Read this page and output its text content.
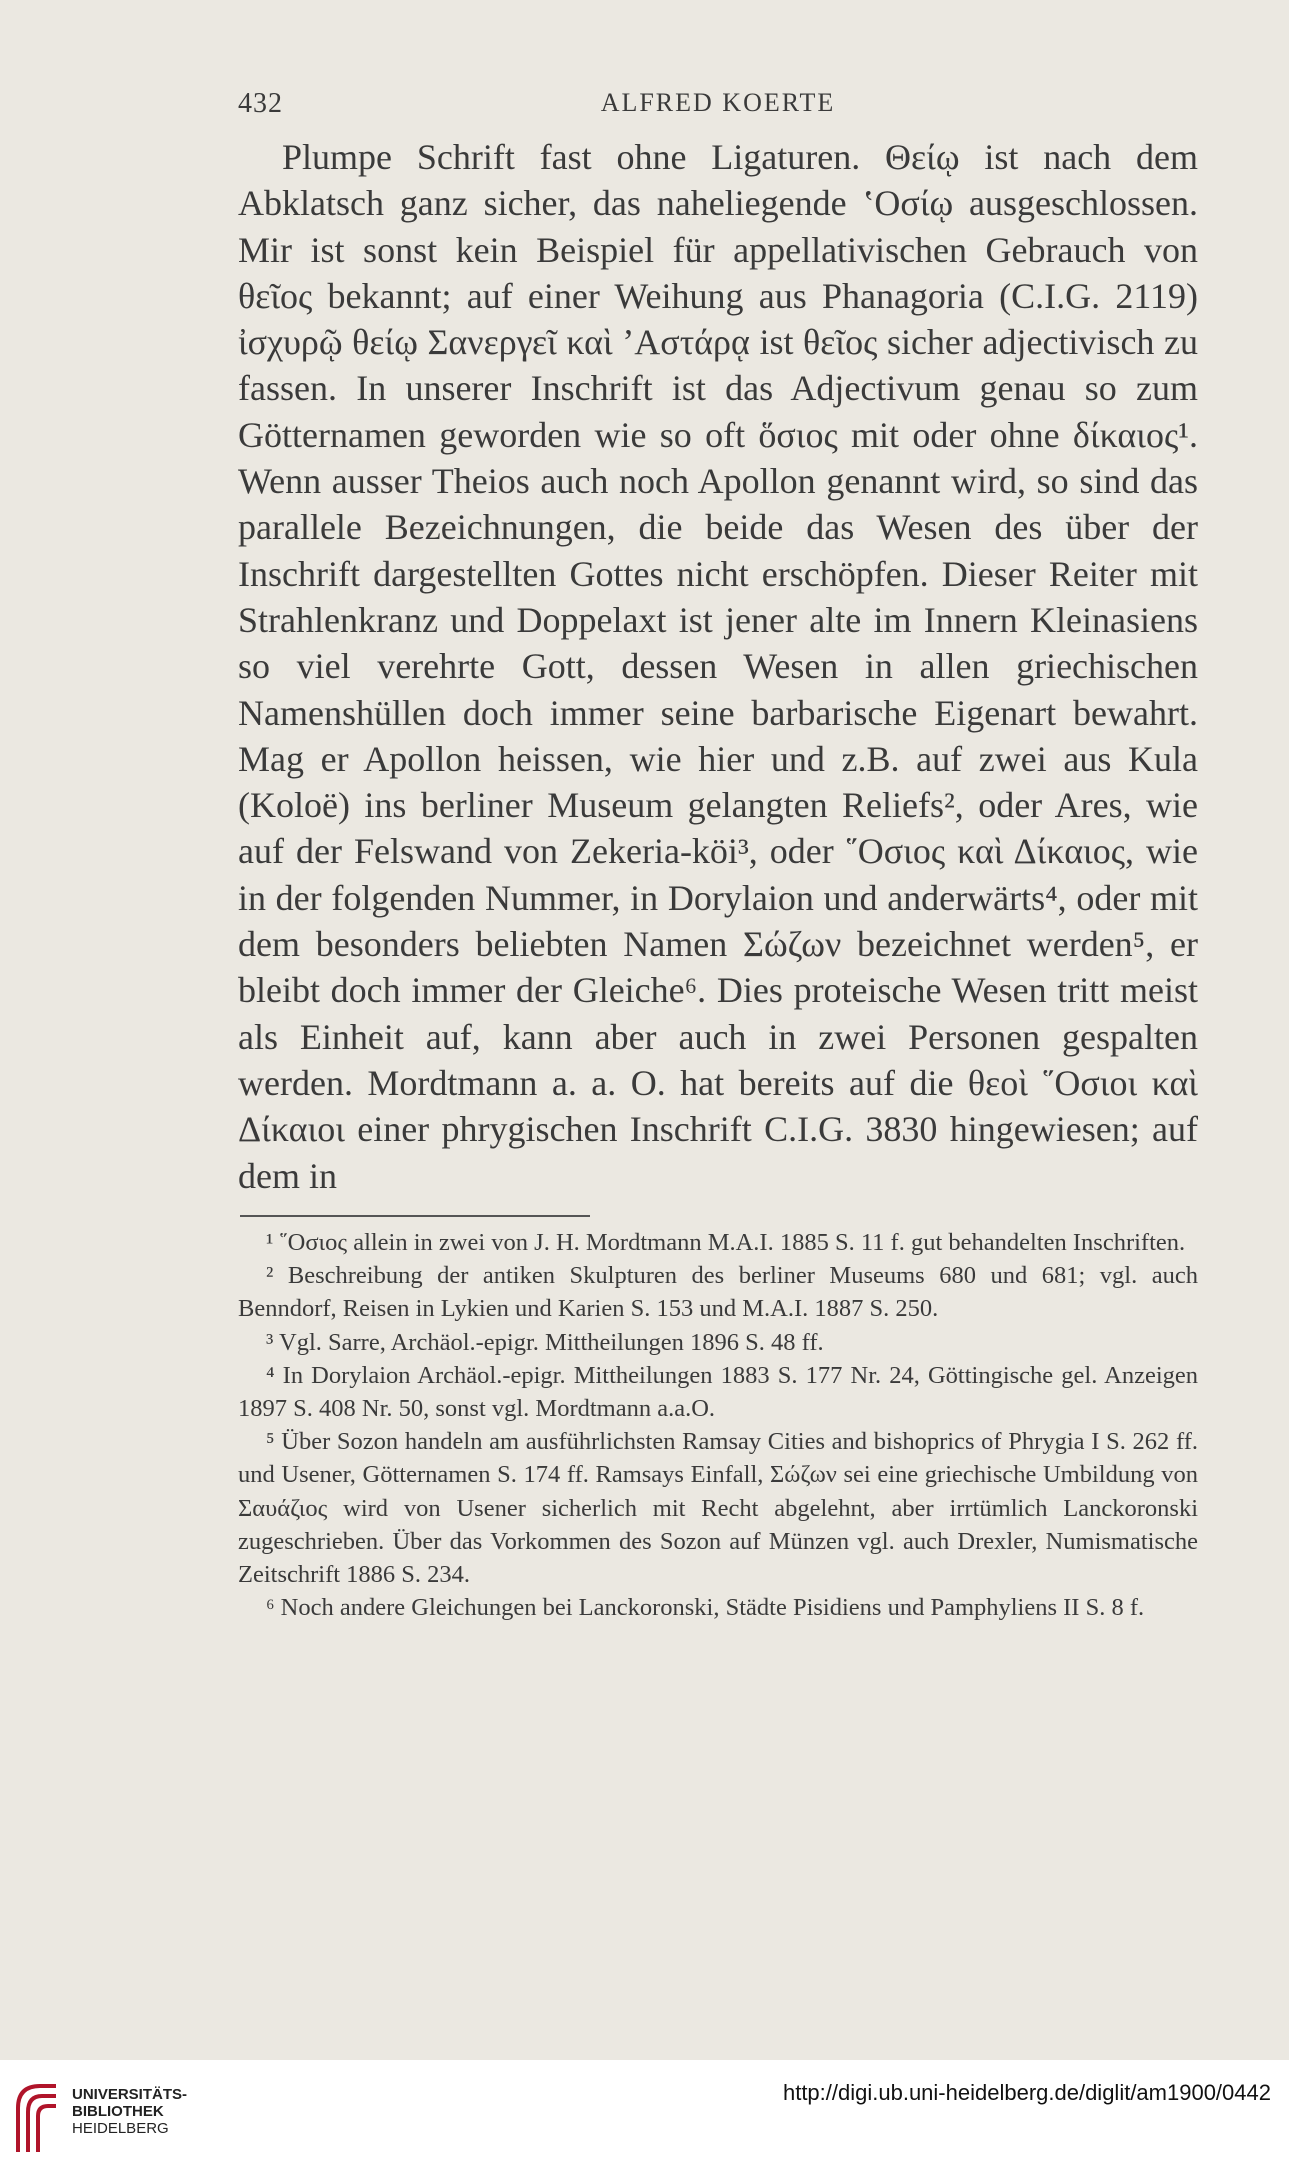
432	ALFRED KOERTE

Plumpe Schrift fast ohne Ligaturen. Θείῳ ist nach dem Abklatsch ganz sicher, das naheliegende ʽΟσίῳ ausgeschlossen. Mir ist sonst kein Beispiel für appellativischen Gebrauch von θεῖος bekannt; auf einer Weihung aus Phanagoria (C.I.G. 2119) ἰσχυρῷ θείῳ Σανεργεῖ καὶ ʼΑστάρᾳ ist θεῖος sicher adjectivisch zu fassen. In unserer Inschrift ist das Adjectivum genau so zum Götternamen geworden wie so oft ὅσιος mit oder ohne δίκαιος¹. Wenn ausser Theios auch noch Apollon genannt wird, so sind das parallele Bezeichnungen, die beide das Wesen des über der Inschrift dargestellten Gottes nicht erschöpfen. Dieser Reiter mit Strahlenkranz und Doppelaxt ist jener alte im Innern Kleinasiens so viel verehrte Gott, dessen Wesen in allen griechischen Namenshüllen doch immer seine barbarische Eigenart bewahrt. Mag er Apollon heissen, wie hier und z.B. auf zwei aus Kula (Koloë) ins berliner Museum gelangten Reliefs², oder Ares, wie auf der Felswand von Zekeria-köi³, oder ῞Οσιος καὶ Δίκαιος, wie in der folgenden Nummer, in Dorylaion und anderwärts⁴, oder mit dem besonders beliebten Namen Σώζων bezeichnet werden⁵, er bleibt doch immer der Gleiche⁶. Dies proteische Wesen tritt meist als Einheit auf, kann aber auch in zwei Personen gespalten werden. Mordtmann a. a. O. hat bereits auf die θεοὶ ῞Οσιοι καὶ Δίκαιοι einer phrygischen Inschrift C.I.G. 3830 hingewiesen; auf dem in

¹ ῞Οσιος allein in zwei von J. H. Mordtmann M.A.I. 1885 S. 11 f. gut behandelten Inschriften.

² Beschreibung der antiken Skulpturen des berliner Museums 680 und 681; vgl. auch Benndorf, Reisen in Lykien und Karien S. 153 und M.A.I. 1887 S. 250.

³ Vgl. Sarre, Archäol.-epigr. Mittheilungen 1896 S. 48 ff.

⁴ In Dorylaion Archäol.-epigr. Mittheilungen 1883 S. 177 Nr. 24, Göttingische gel. Anzeigen 1897 S. 408 Nr. 50, sonst vgl. Mordtmann a.a.O.

⁵ Über Sozon handeln am ausführlichsten Ramsay Cities and bishoprics of Phrygia I S. 262 ff. und Usener, Götternamen S. 174 ff. Ramsays Einfall, Σώζων sei eine griechische Umbildung von Σαυάζιος wird von Usener sicherlich mit Recht abgelehnt, aber irrtümlich Lanckoronski zugeschrieben. Über das Vorkommen des Sozon auf Münzen vgl. auch Drexler, Numismatische Zeitschrift 1886 S. 234.

⁶ Noch andere Gleichungen bei Lanckoronski, Städte Pisidiens und Pamphyliens II S. 8 f.

UNIVERSITÄTS-
BIBLIOTHEK
HEIDELBERG
http://digi.ub.uni-heidelberg.de/diglit/am1900/0442
